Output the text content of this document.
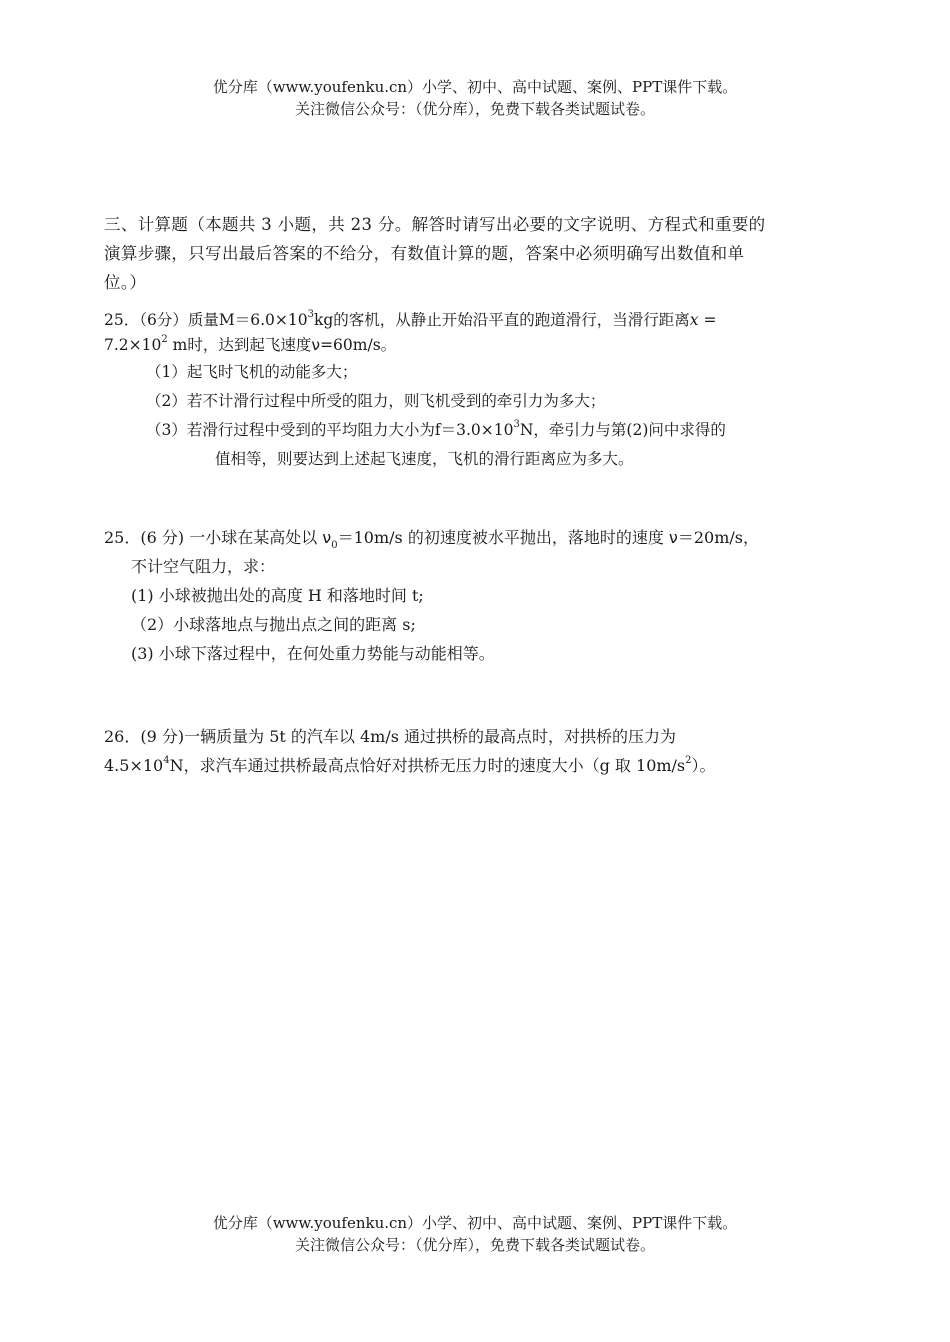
优分库（www.youfenku.cn）小学、初中、高中试题、案例、PPT课件下载。
关注微信公众号：（优分库），免费下载各类试题试卷。
三、计算题（本题共 3 小题，共 23 分。解答时请写出必要的文字说明、方程式和重要的
演算步骤，只写出最后答案的不给分，有数值计算的题，答案中必须明确写出数值和单
位。）
25．（6分）质量$M=6.0\times 10^3kg$的客机，从静止开始沿平直的跑道滑行，当滑行距离x =
$7.2\times 10^2$ m时，达到起飞速度ν=60m/s。
（1）起飞时飞机的动能多大；
（2）若不计滑行过程中所受的阻力，则飞机受到的牵引力为多大；
（3）若滑行过程中受到的平均阻力大小为$f=3.0\times 10^3N$，牵引力与第(2)问中求得的
值相等，则要达到上述起飞速度，飞机的滑行距离应为多大。
25．(6 分) 一小球在某高处以 $\nu_0=10m/s$ 的初速度被水平抛出，落地时的速度 ν＝20m/s，
不计空气阻力，求：
(1) 小球被抛出处的高度 H 和落地时间 t;
（2）小球落地点与抛出点之间的距离 s;
(3) 小球下落过程中，在何处重力势能与动能相等。
26．(9 分)一辆质量为 5t 的汽车以 4m/s 通过拱桥的最高点时，对拱桥的压力为
$4.5\times 10^4N$，求汽车通过拱桥最高点恰好对拱桥无压力时的速度大小（g 取 $10m/s^2$）。
优分库（www.youfenku.cn）小学、初中、高中试题、案例、PPT课件下载。
关注微信公众号：（优分库），免费下载各类试题试卷。
